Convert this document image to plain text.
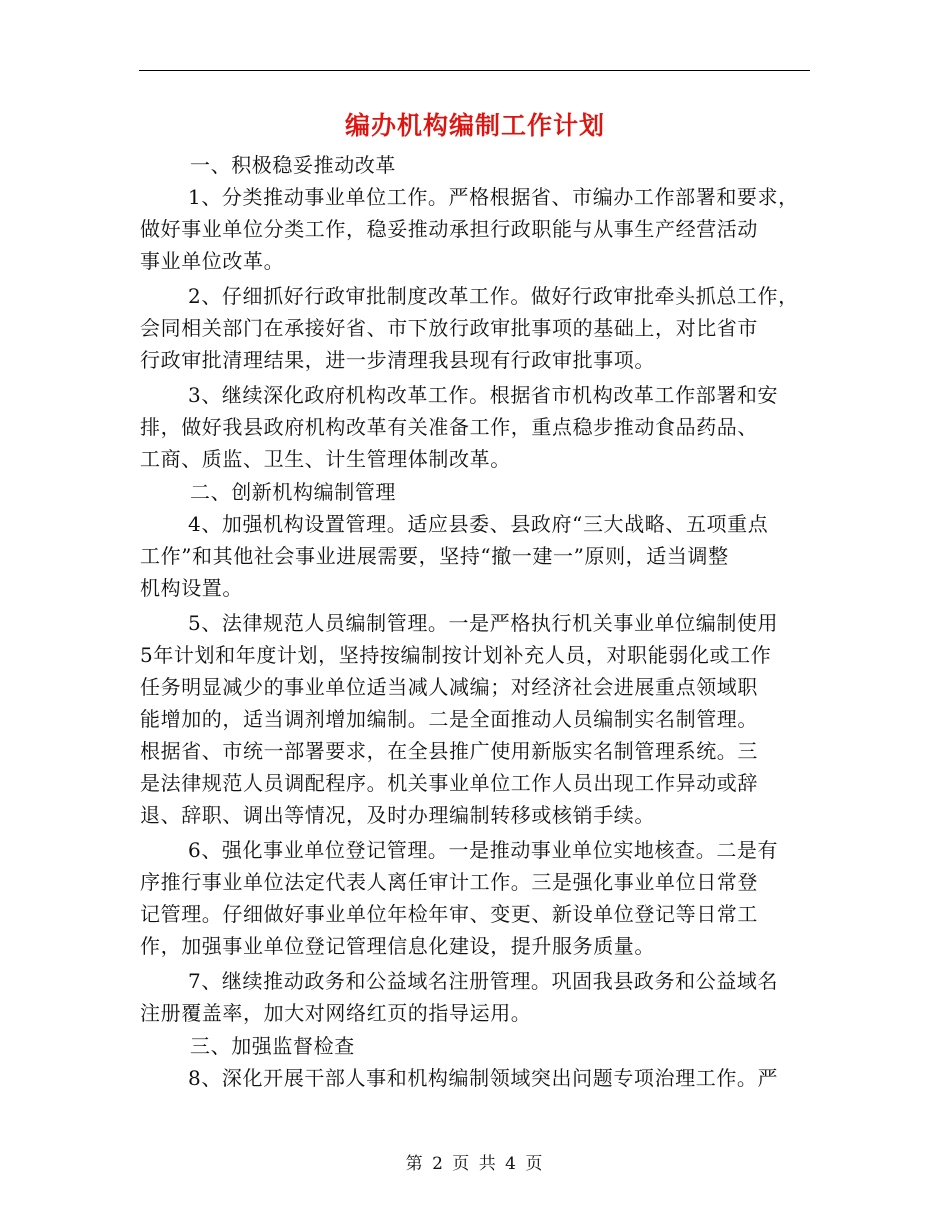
编办机构编制工作计划
一、积极稳妥推动改革
1、分类推动事业单位工作。严格根据省、市编办工作部署和要求，
做好事业单位分类工作，稳妥推动承担行政职能与从事生产经营活动
事业单位改革。
2、仔细抓好行政审批制度改革工作。做好行政审批牵头抓总工作，
会同相关部门在承接好省、市下放行政审批事项的基础上，对比省市
行政审批清理结果，进一步清理我县现有行政审批事项。
3、继续深化政府机构改革工作。根据省市机构改革工作部署和安
排，做好我县政府机构改革有关准备工作，重点稳步推动食品药品、
工商、质监、卫生、计生管理体制改革。
二、创新机构编制管理
4、加强机构设置管理。适应县委、县政府“三大战略、五项重点
工作”和其他社会事业进展需要，坚持“撤一建一”原则，适当调整
机构设置。
5、法律规范人员编制管理。一是严格执行机关事业单位编制使用
5年计划和年度计划，坚持按编制按计划补充人员，对职能弱化或工作
任务明显减少的事业单位适当减人减编；对经济社会进展重点领域职
能增加的，适当调剂增加编制。二是全面推动人员编制实名制管理。
根据省、市统一部署要求，在全县推广使用新版实名制管理系统。三
是法律规范人员调配程序。机关事业单位工作人员出现工作异动或辞
退、辞职、调出等情况，及时办理编制转移或核销手续。
6、强化事业单位登记管理。一是推动事业单位实地核查。二是有
序推行事业单位法定代表人离任审计工作。三是强化事业单位日常登
记管理。仔细做好事业单位年检年审、变更、新设单位登记等日常工
作，加强事业单位登记管理信息化建设，提升服务质量。
7、继续推动政务和公益域名注册管理。巩固我县政务和公益域名
注册覆盖率，加大对网络红页的指导运用。
三、加强监督检查
8、深化开展干部人事和机构编制领域突出问题专项治理工作。严
第 2 页 共 4 页
